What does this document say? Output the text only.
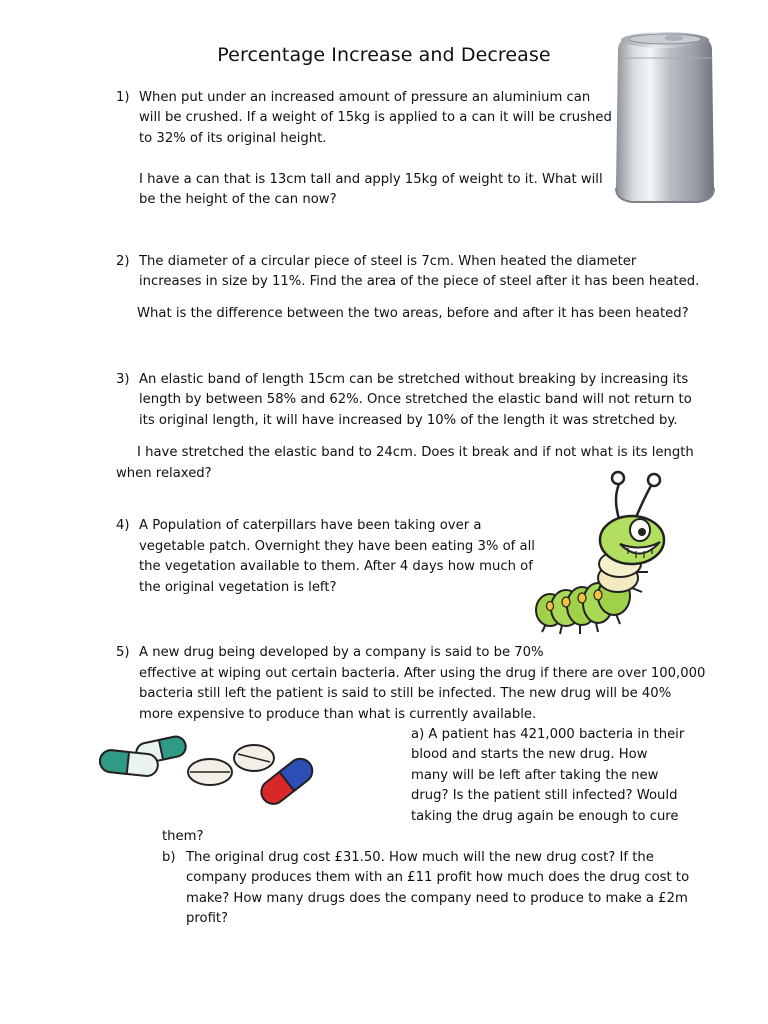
Percentage Increase and Decrease
1) When put under an increased amount of pressure an aluminium can
will be crushed. If a weight of 15kg is applied to a can it will be crushed
to 32% of its original height.
I have a can that is 13cm tall and apply 15kg of weight to it. What will
be the height of the can now?
2) The diameter of a circular piece of steel is 7cm. When heated the diameter
increases in size by 11%. Find the area of the piece of steel after it has been heated.
What is the difference between the two areas, before and after it has been heated?
3) An elastic band of length 15cm can be stretched without breaking by increasing its
length by between 58% and 62%. Once stretched the elastic band will not return to
its original length, it will have increased by 10% of the length it was stretched by.
I have stretched the elastic band to 24cm. Does it break and if not what is its length
when relaxed?
4) A Population of caterpillars have been taking over a
vegetable patch. Overnight they have been eating 3% of all
the vegetation available to them. After 4 days how much of
the original vegetation is left?
5) A new drug being developed by a company is said to be 70%
effective at wiping out certain bacteria. After using the drug if there are over 100,000
bacteria still left the patient is said to still be infected. The new drug will be 40%
more expensive to produce than what is currently available.
a) A patient has 421,000 bacteria in their
blood and starts the new drug. How
many will be left after taking the new
drug? Is the patient still infected? Would
taking the drug again be enough to cure
them?
b) The original drug cost £31.50. How much will the new drug cost? If the
company produces them with an £11 profit how much does the drug cost to
make? How many drugs does the company need to produce to make a £2m
profit?
